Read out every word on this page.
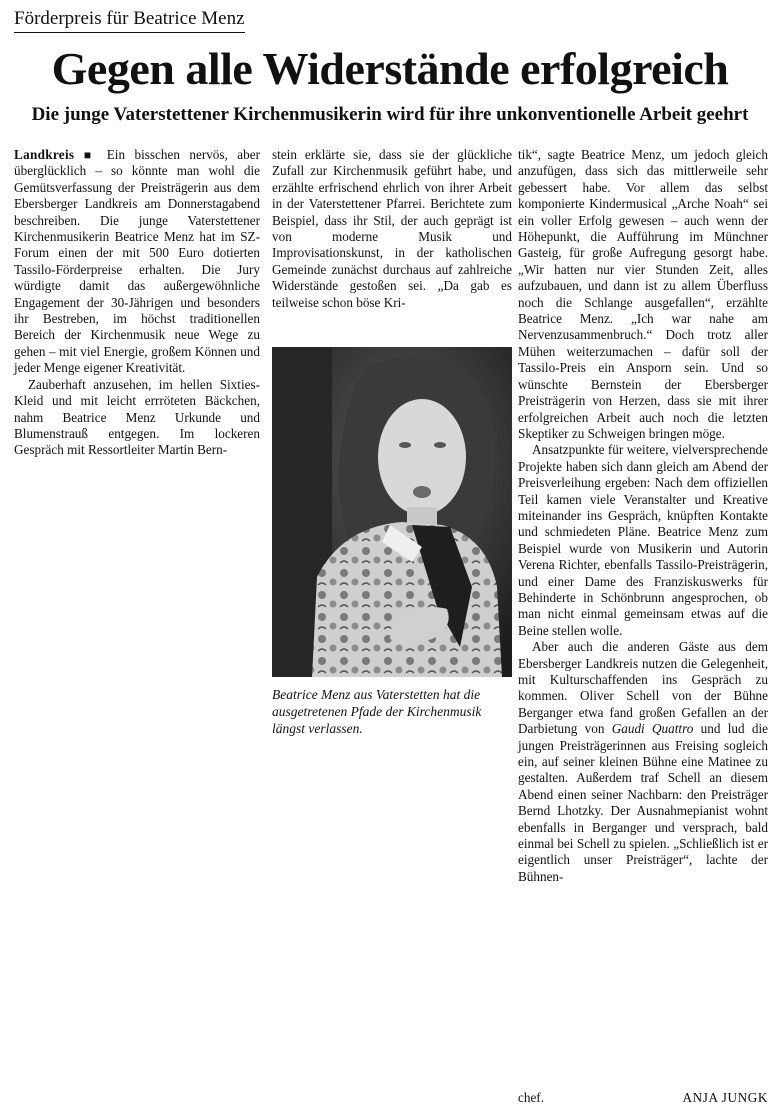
Förderpreis für Beatrice Menz
Gegen alle Widerstände erfolgreich
Die junge Vaterstettener Kirchenmusikerin wird für ihre unkonventionelle Arbeit geehrt

Landkreis ■ Ein bisschen nervös, aber überglücklich – so könnte man wohl die Gemütsverfassung der Preisträgerin aus dem Ebersberger Landkreis am Donnerstagabend beschreiben. Die junge Vaterstettener Kirchenmusikerin Beatrice Menz hat im SZ-Forum einen der mit 500 Euro dotierten Tassilo-Förderpreise erhalten. Die Jury würdigte damit das außergewöhnliche Engagement der 30-Jährigen und besonders ihr Bestreben, im höchst traditionellen Bereich der Kirchenmusik neue Wege zu gehen – mit viel Energie, großem Können und jeder Menge eigener Kreativität.

Zauberhaft anzusehen, im hellen Sixties-Kleid und mit leicht errröteten Bäckchen, nahm Beatrice Menz Urkunde und Blumenstrauß entgegen. Im lockeren Gespräch mit Ressortleiter Martin Bern-

stein erklärte sie, dass sie der glückliche Zufall zur Kirchenmusik geführt habe, und erzählte erfrischend ehrlich von ihrer Arbeit in der Vaterstettener Pfarrei. Berichtete zum Beispiel, dass ihr Stil, der auch geprägt ist von moderne Musik und Improvisationskunst, in der katholischen Gemeinde zunächst durchaus auf zahlreiche Widerstände gestoßen sei. „Da gab es teilweise schon böse Kri-

Beatrice Menz aus Vaterstetten hat die ausgetretenen Pfade der Kirchenmusik längst verlassen.

tik“, sagte Beatrice Menz, um jedoch gleich anzufügen, dass sich das mittlerweile sehr gebessert habe. Vor allem das selbst komponierte Kindermusical „Arche Noah“ sei ein voller Erfolg gewesen – auch wenn der Höhepunkt, die Aufführung im Münchner Gasteig, für große Aufregung gesorgt habe. „Wir hatten nur vier Stunden Zeit, alles aufzubauen, und dann ist zu allem Überfluss noch die Schlange ausgefallen“, erzählte Beatrice Menz. „Ich war nahe am Nervenzusammenbruch.“ Doch trotz aller Mühen weiterzumachen – dafür soll der Tassilo-Preis ein Ansporn sein. Und so wünschte Bernstein der Ebersberger Preisträgerin von Herzen, dass sie mit ihrer erfolgreichen Arbeit auch noch die letzten Skeptiker zu Schweigen bringen möge.

Ansatzpunkte für weitere, vielversprechende Projekte haben sich dann gleich am Abend der Preisverleihung ergeben: Nach dem offiziellen Teil kamen viele Veranstalter und Kreative miteinander ins Gespräch, knüpften Kontakte und schmiedeten Pläne. Beatrice Menz zum Beispiel wurde von Musikerin und Autorin Verena Richter, ebenfalls Tassilo-Preisträgerin, und einer Dame des Franziskuswerks für Behinderte in Schönbrunn angesprochen, ob man nicht einmal gemeinsam etwas auf die Beine stellen wolle.

Aber auch die anderen Gäste aus dem Ebersberger Landkreis nutzen die Gelegenheit, mit Kulturschaffenden ins Gespräch zu kommen. Oliver Schell von der Bühne Berganger etwa fand großen Gefallen an der Darbietung von Gaudi Quattro und lud die jungen Preisträgerinnen aus Freising sogleich ein, auf seiner kleinen Bühne eine Matinee zu gestalten. Außerdem traf Schell an diesem Abend einen seiner Nachbarn: den Preisträger Bernd Lhotzky. Der Ausnahmepianist wohnt ebenfalls in Berganger und versprach, bald einmal bei Schell zu spielen. „Schließlich ist er eigentlich unser Preisträger“, lachte der Bühnen-

chef.	ANJA JUNGK
